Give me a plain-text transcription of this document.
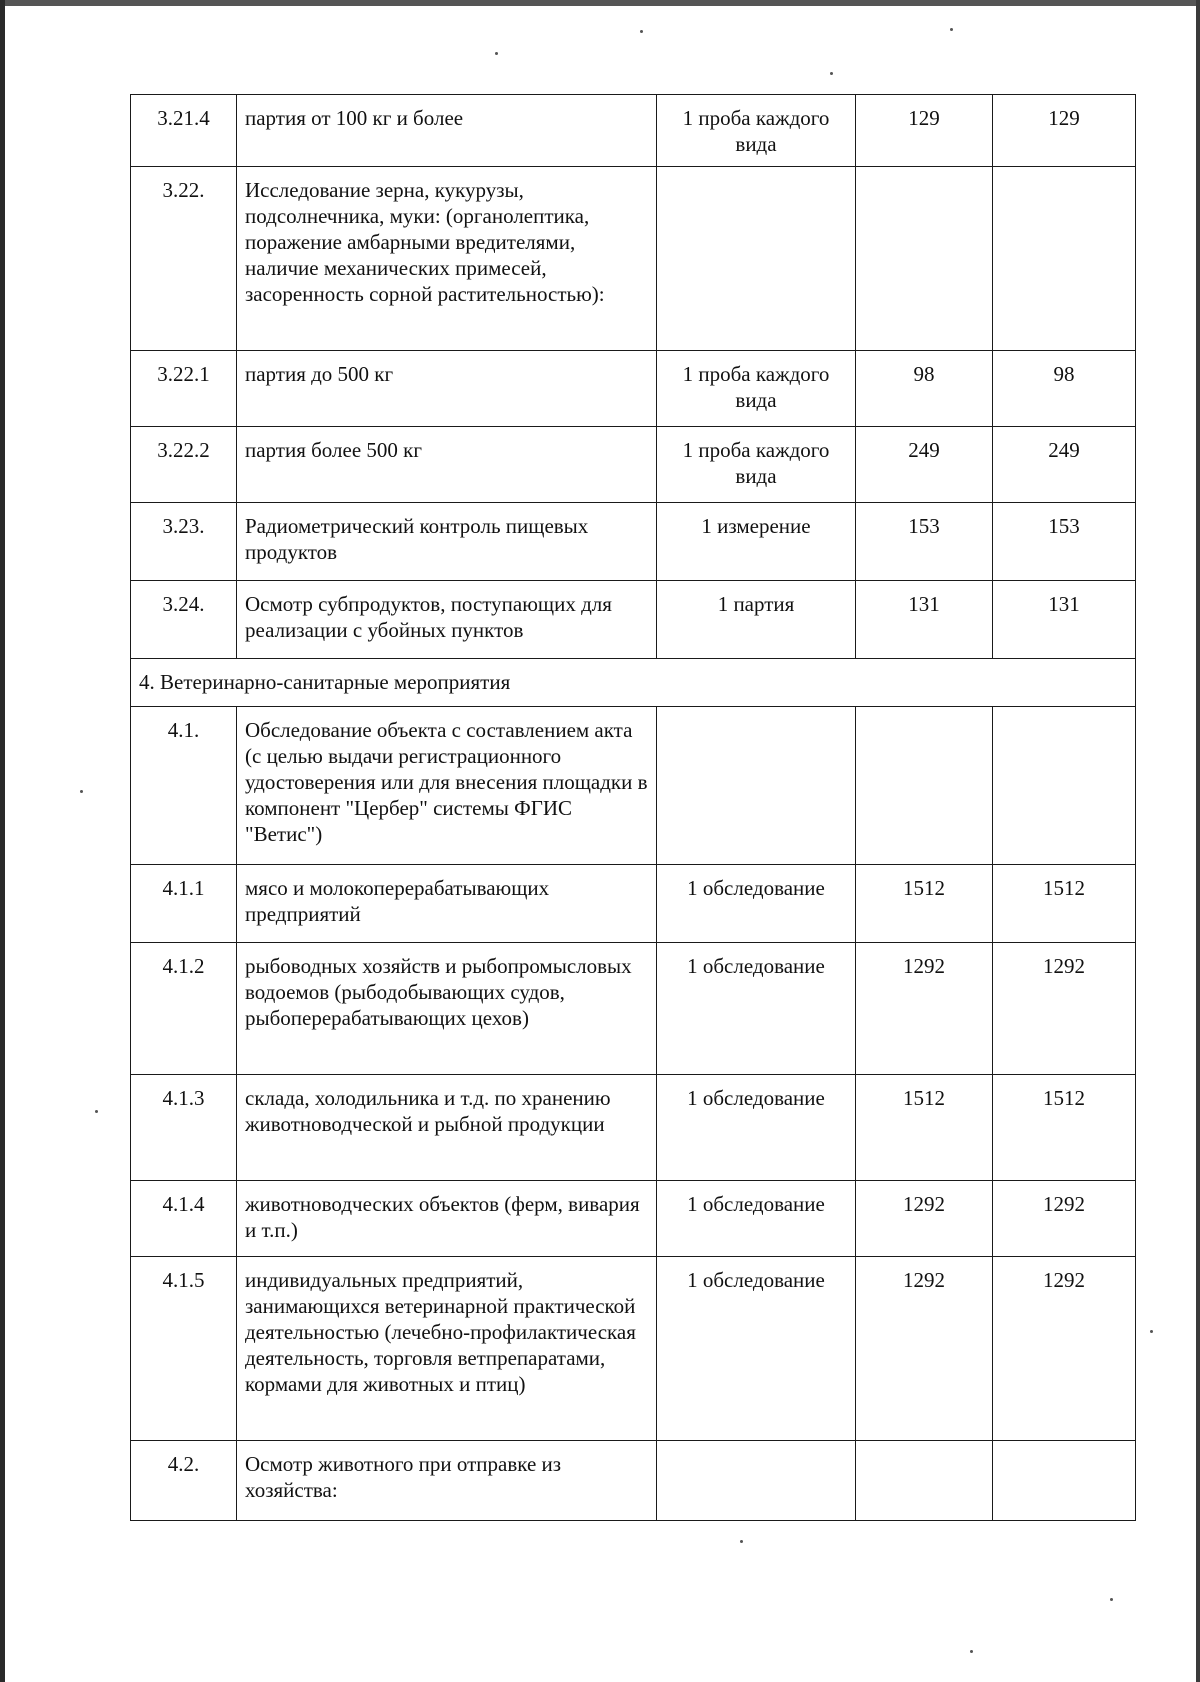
3.21.4	партия от 100 кг и более	1 проба каждого вида	129	129
3.22.	Исследование зерна, кукурузы, подсолнечника, муки: (органолептика, поражение амбарными вредителями, наличие механических примесей, засоренность сорной растительностью):			
3.22.1	партия до 500 кг	1 проба каждого вида	98	98
3.22.2	партия более 500 кг	1 проба каждого вида	249	249
3.23.	Радиометрический контроль пищевых продуктов	1 измерение	153	153
3.24.	Осмотр субпродуктов, поступающих для реализации с убойных пунктов	1 партия	131	131
4. Ветеринарно-санитарные мероприятия				
4.1.	Обследование объекта с составлением акта (с целью выдачи регистрационного удостоверения или для внесения площадки в компонент "Цербер" системы ФГИС "Ветис")			
4.1.1	мясо и молокоперерабатывающих предприятий	1 обследование	1512	1512
4.1.2	рыбоводных хозяйств и рыбопромысловых водоемов (рыбодобывающих судов, рыбоперерабатывающих цехов)	1 обследование	1292	1292
4.1.3	склада, холодильника и т.д. по хранению животноводческой и рыбной продукции	1 обследование	1512	1512
4.1.4	животноводческих объектов (ферм, вивария и т.п.)	1 обследование	1292	1292
4.1.5	индивидуальных предприятий, занимающихся ветеринарной практической деятельностью (лечебно-профилактическая деятельность, торговля ветпрепаратами, кормами для животных и птиц)	1 обследование	1292	1292
4.2.	Осмотр животного при отправке из хозяйства:			
